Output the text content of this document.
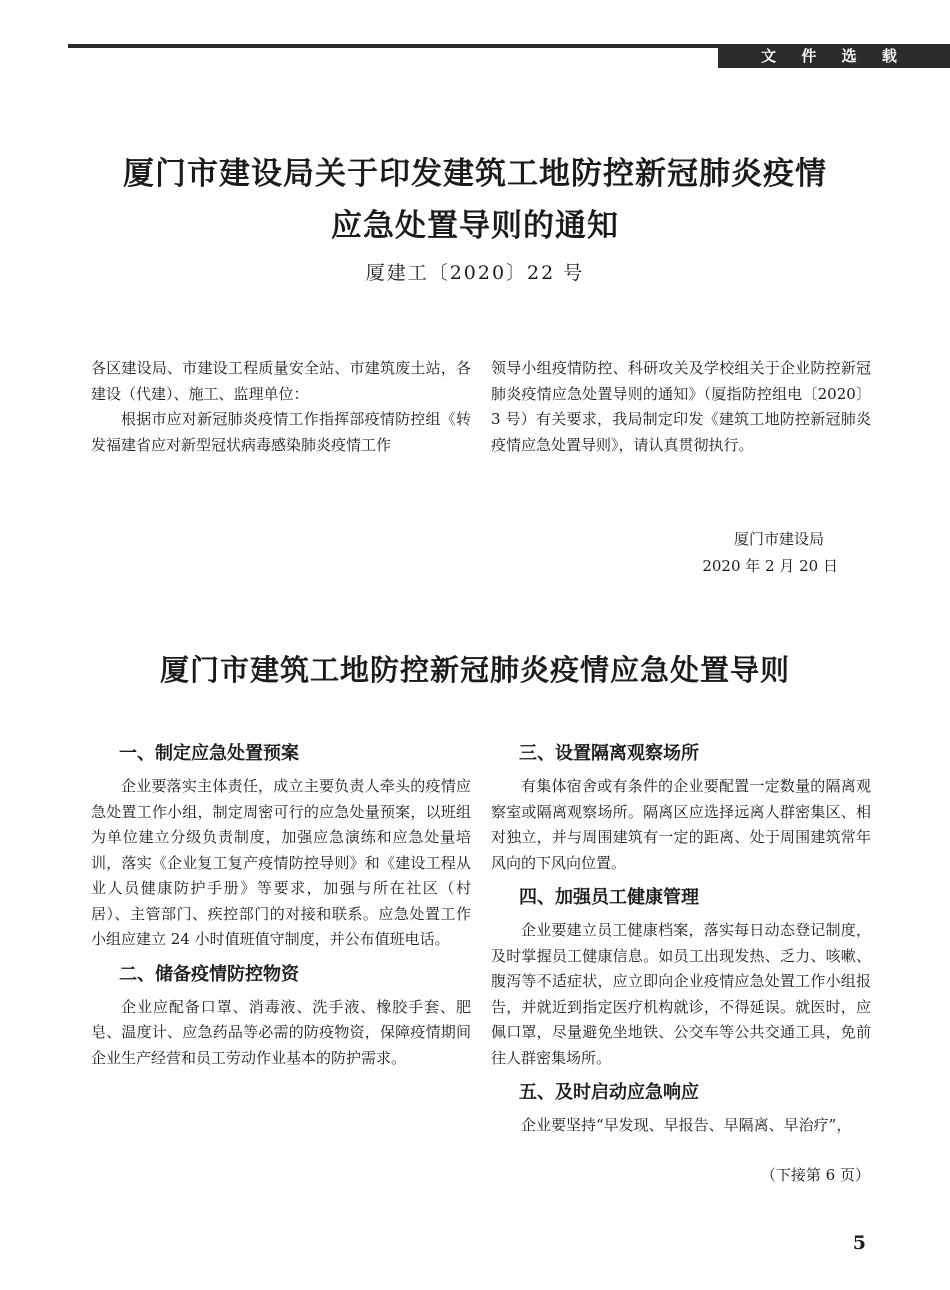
文 件 选 载
厦门市建设局关于印发建筑工地防控新冠肺炎疫情
应急处置导则的通知
厦建工〔2020〕22 号

各区建设局、市建设工程质量安全站、市建筑废土站，各建设（代建）、施工、监理单位：

根据市应对新冠肺炎疫情工作指挥部疫情防控组《转发福建省应对新型冠状病毒感染肺炎疫情工作

领导小组疫情防控、科研攻关及学校组关于企业防控新冠肺炎疫情应急处置导则的通知》（厦指防控组电〔2020〕3 号）有关要求，我局制定印发《建筑工地防控新冠肺炎疫情应急处置导则》，请认真贯彻执行。

厦门市建设局
2020 年 2 月 20 日
厦门市建筑工地防控新冠肺炎疫情应急处置导则
一、制定应急处置预案

企业要落实主体责任，成立主要负责人牵头的疫情应急处置工作小组，制定周密可行的应急处量预案，以班组为单位建立分级负责制度，加强应急演练和应急处量培训，落实《企业复工复产疫情防控导则》和《建设工程从业人员健康防护手册》等要求，加强与所在社区（村居）、主管部门、疾控部门的对接和联系。应急处置工作小组应建立 24 小时值班值守制度，并公布值班电话。

二、储备疫情防控物资

企业应配备口罩、消毒液、洗手液、橡胶手套、肥皂、温度计、应急药品等必需的防疫物资，保障疫情期间企业生产经营和员工劳动作业基本的防护需求。

三、设置隔离观察场所

有集体宿舍或有条件的企业要配置一定数量的隔离观察室或隔离观察场所。隔离区应选择远离人群密集区、相对独立，并与周围建筑有一定的距离、处于周围建筑常年风向的下风向位置。

四、加强员工健康管理

企业要建立员工健康档案，落实每日动态登记制度，及时掌握员工健康信息。如员工出现发热、乏力、咳嗽、腹泻等不适症状，应立即向企业疫情应急处置工作小组报告，并就近到指定医疗机构就诊，不得延误。就医时，应佩口罩，尽量避免坐地铁、公交车等公共交通工具，免前往人群密集场所。

五、及时启动应急响应

企业要坚持“早发现、早报告、早隔离、早治疗”，

（下接第 6 页）
5
